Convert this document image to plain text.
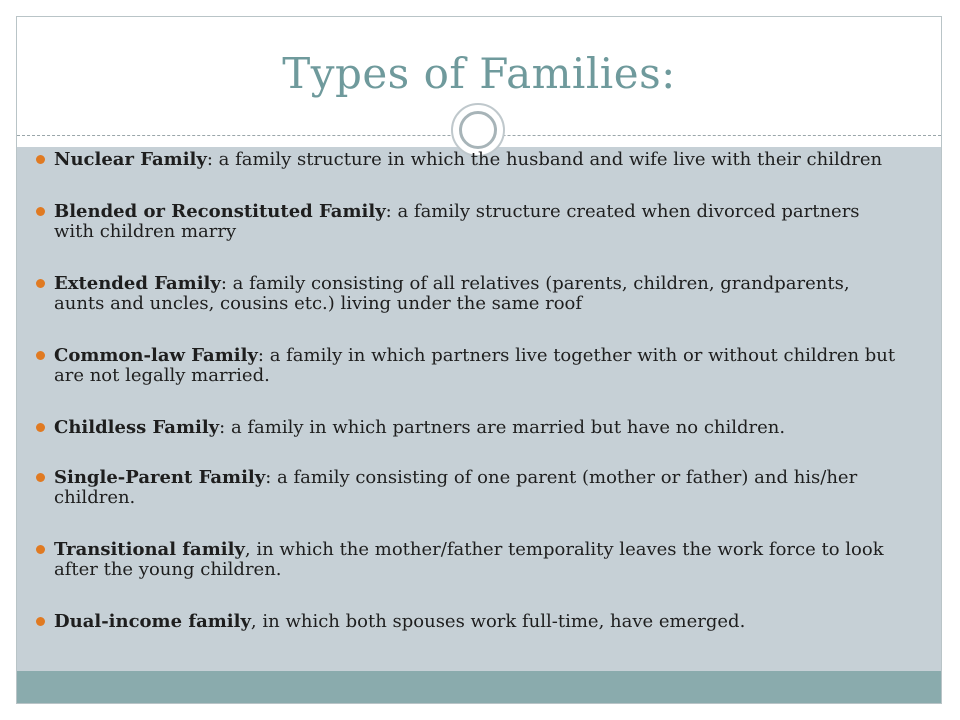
Types of Families:
Nuclear Family: a family structure in which the husband and wife live with their children
Blended or Reconstituted Family: a family structure created when divorced partners with children marry
Extended Family: a family consisting of all relatives (parents, children, grandparents, aunts and uncles, cousins etc.) living under the same roof
Common-law Family: a family in which partners live together with or without children but are not legally married.
Childless Family: a family in which partners are married but have no children.
Single-Parent Family: a family consisting of one parent (mother or father) and his/her children.
Transitional family, in which the mother/father temporality leaves the work force to look after the young children.
Dual-income family, in which both spouses work full-time, have emerged.
